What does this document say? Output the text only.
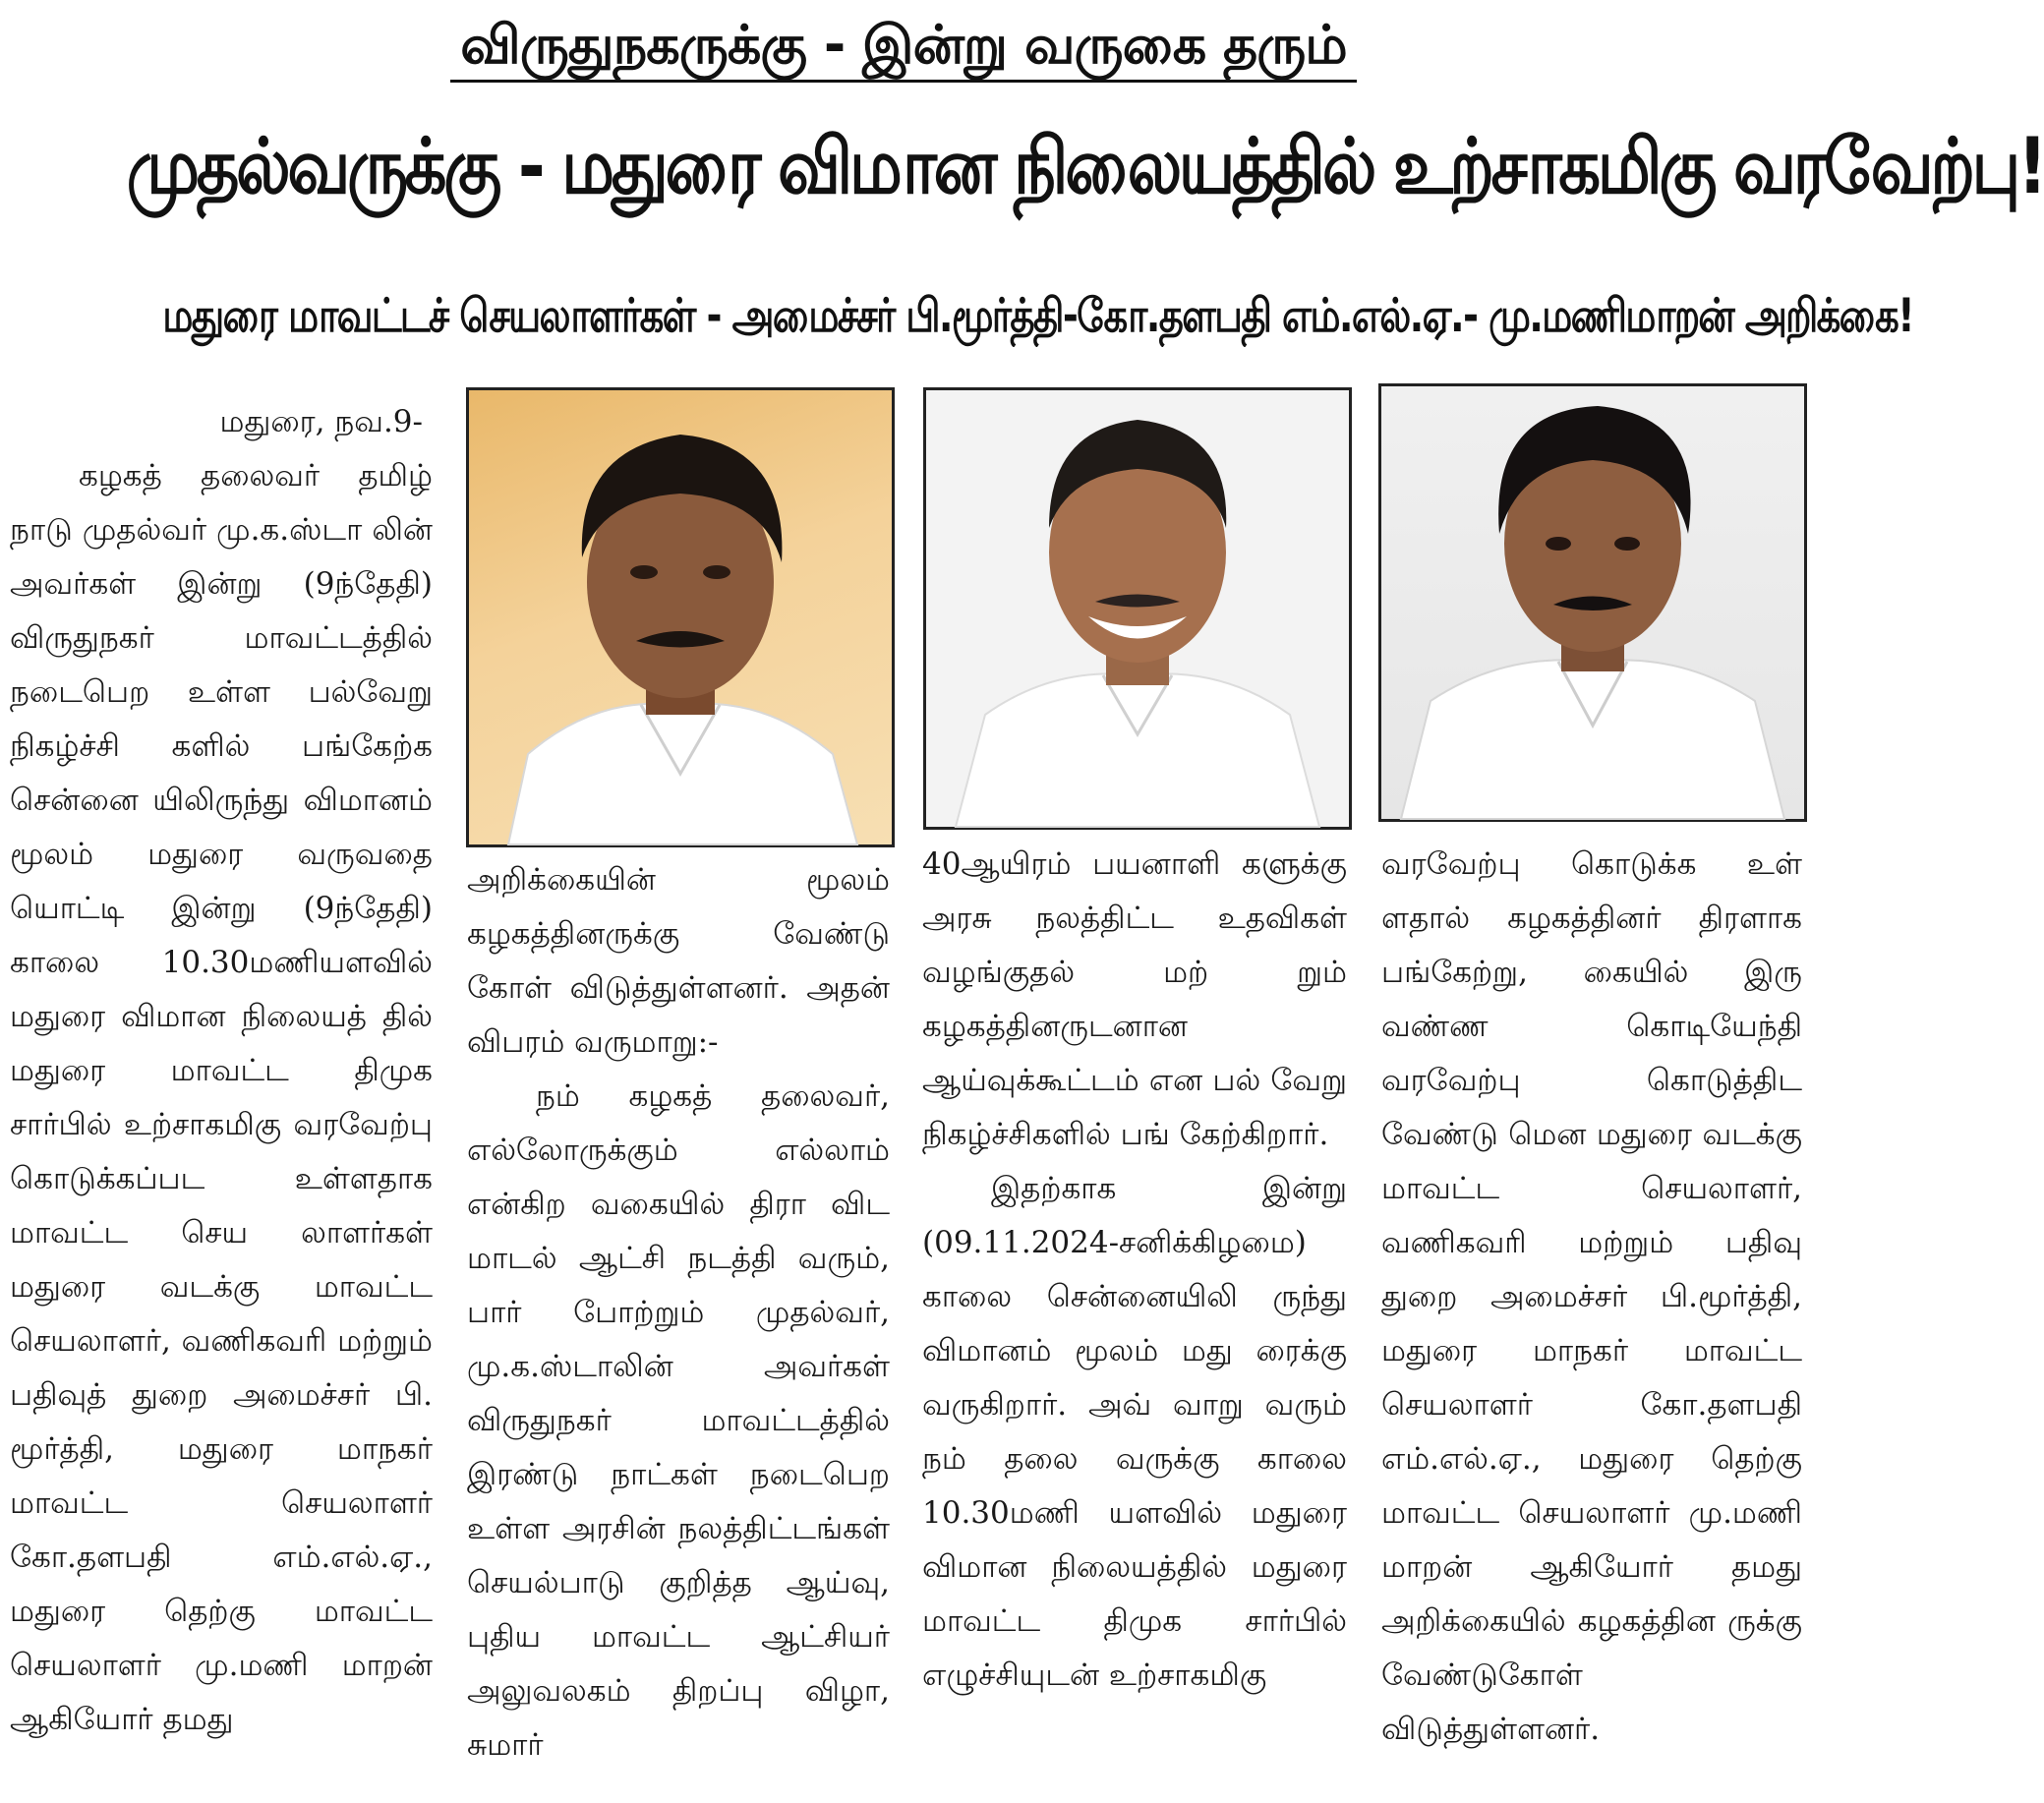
விருதுநகருக்கு - இன்று வருகை தரும்
முதல்வருக்கு - மதுரை விமான நிலையத்தில் உற்சாகமிகு வரவேற்பு!
மதுரை மாவட்டச் செயலாளர்கள் - அமைச்சர் பி.மூர்த்தி-கோ.தளபதி எம்.எல்.ஏ.- மு.மணிமாறன் அறிக்கை!

மதுரை, நவ.9-

கழகத் தலைவர் தமிழ் நாடு முதல்வர் மு.க.ஸ்டா லின் அவர்கள் இன்று (9ந்தேதி) விருதுநகர் மாவட்டத்தில் நடைபெற உள்ள பல்வேறு நிகழ்ச்சி களில் பங்கேற்க சென்னை யிலிருந்து விமானம் மூலம் மதுரை வருவதை யொட்டி இன்று (9ந்தேதி) காலை 10.30மணியளவில் மதுரை விமான நிலையத் தில் மதுரை மாவட்ட திமுக சார்பில் உற்சாகமிகு வரவேற்பு கொடுக்கப்பட உள்ளதாக மாவட்ட செய லாளர்கள் மதுரை வடக்கு மாவட்ட செயலாளர், வணிகவரி மற்றும் பதிவுத் துறை அமைச்சர் பி. மூர்த்தி, மதுரை மாநகர் மாவட்ட செயலாளர் கோ.தளபதி எம்.எல்.ஏ., மதுரை தெற்கு மாவட்ட செயலாளர் மு.மணி மாறன் ஆகியோர் தமது

அறிக்கையின் மூலம் கழகத்தினருக்கு வேண்டு கோள் விடுத்துள்ளனர். அதன் விபரம் வருமாறு:-

நம் கழகத் தலைவர், எல்லோருக்கும் எல்லாம் என்கிற வகையில் திரா விட மாடல் ஆட்சி நடத்தி வரும், பார் போற்றும் முதல்வர், மு.க.ஸ்டாலின் அவர்கள் விருதுநகர் மாவட்டத்தில் இரண்டு நாட்கள் நடைபெற உள்ள அரசின் நலத்திட்டங்கள் செயல்பாடு குறித்த ஆய்வு, புதிய மாவட்ட ஆட்சியர் அலுவலகம் திறப்பு விழா, சுமார்

40ஆயிரம் பயனாளி களுக்கு அரசு நலத்திட்ட உதவிகள் வழங்குதல் மற் றும் கழகத்தினருடனான ஆய்வுக்கூட்டம் என பல் வேறு நிகழ்ச்சிகளில் பங் கேற்கிறார்.

இதற்காக இன்று (09.11.2024-சனிக்கிழமை) காலை சென்னையிலி ருந்து விமானம் மூலம் மது ரைக்கு வருகிறார். அவ் வாறு வரும் நம் தலை வருக்கு காலை 10.30மணி யளவில் மதுரை விமான நிலையத்தில் மதுரை மாவட்ட திமுக சார்பில் எழுச்சியுடன் உற்சாகமிகு

வரவேற்பு கொடுக்க உள் ளதால் கழகத்தினர் திரளாக பங்கேற்று, கையில் இரு வண்ண கொடியேந்தி வரவேற்பு கொடுத்திட வேண்டு மென மதுரை வடக்கு மாவட்ட செயலாளர், வணிகவரி மற்றும் பதிவு துறை அமைச்சர் பி.மூர்த்தி, மதுரை மாநகர் மாவட்ட செயலாளர் கோ.தளபதி எம்.எல்.ஏ., மதுரை தெற்கு மாவட்ட செயலாளர் மு.மணி மாறன் ஆகியோர் தமது அறிக்கையில் கழகத்தின ருக்கு வேண்டுகோள் விடுத்துள்ளனர்.
